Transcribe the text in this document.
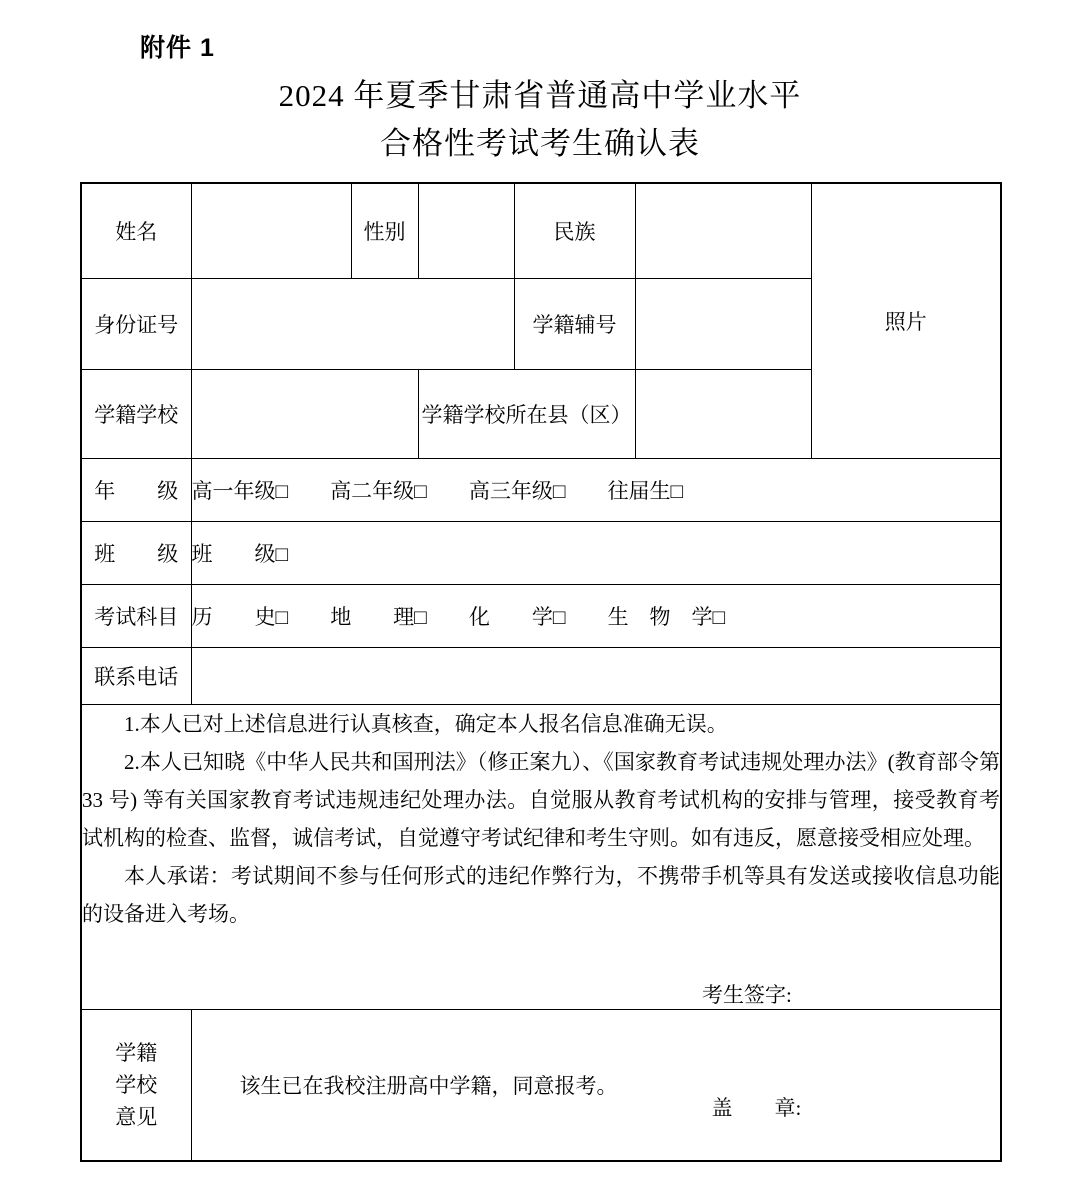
附件 1
2024 年夏季甘肃省普通高中学业水平
合格性考试考生确认表
姓名		性别		民族		照片
身份证号				学籍辅号		
学籍学校			学籍学校所在县（区）			
年　　级	高一年级□ 高二年级□ 高三年级□ 往届生□					
班　　级	班　　级□					
考试科目	历　　史□ 地　　理□ 化　　学□ 生　物　学□					
联系电话						

1.本人已对上述信息进行认真核查，确定本人报名信息准确无误。

2.本人已知晓《中华人民共和国刑法》（修正案九）、《国家教育考试违规处理办法》(教育部令第 33 号) 等有关国家教育考试违规违纪处理办法。自觉服从教育考试机构的安排与管理，接受教育考试机构的检查、监督，诚信考试，自觉遵守考试纪律和考生守则。如有违反，愿意接受相应处理。

本人承诺：考试期间不参与任何形式的违纪作弊行为，不携带手机等具有发送或接收信息功能的设备进入考场。

考生签字:						

学籍
学校
意见

该生已在我校注册高中学籍，同意报考。
盖　　章:
